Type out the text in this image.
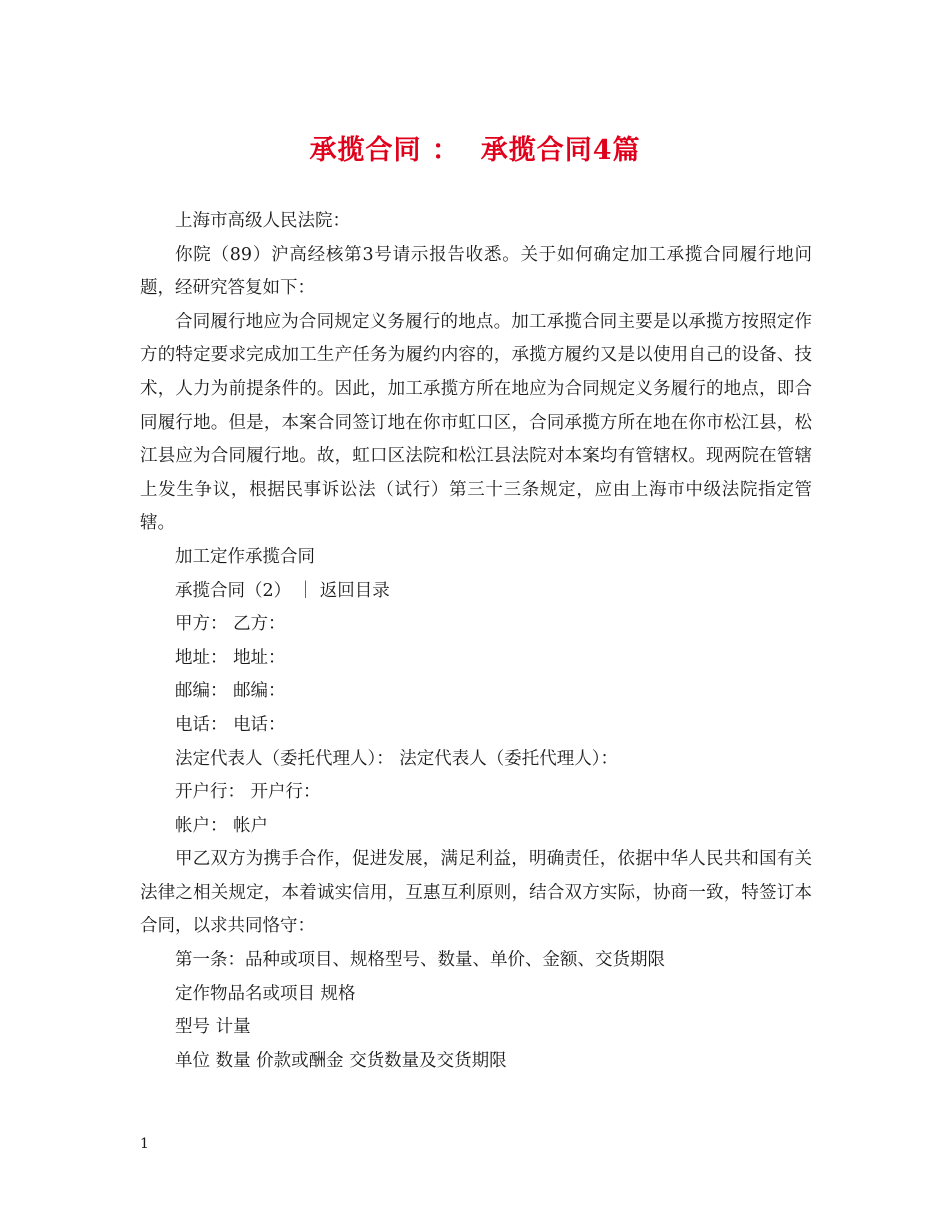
承揽合同 ：  承揽合同4篇

上海市高级人民法院：

你院（89）沪高经核第3号请示报告收悉。关于如何确定加工承揽合同履行地问题，经研究答复如下：

合同履行地应为合同规定义务履行的地点。加工承揽合同主要是以承揽方按照定作方的特定要求完成加工生产任务为履约内容的，承揽方履约又是以使用自己的设备、技术，人力为前提条件的。因此，加工承揽方所在地应为合同规定义务履行的地点，即合同履行地。但是，本案合同签订地在你市虹口区，合同承揽方所在地在你市松江县，松江县应为合同履行地。故，虹口区法院和松江县法院对本案均有管辖权。现两院在管辖上发生争议，根据民事诉讼法（试行）第三十三条规定，应由上海市中级法院指定管辖。

加工定作承揽合同

承揽合同（2） ｜ 返回目录

甲方： 乙方：

地址： 地址：

邮编： 邮编：

电话： 电话：

法定代表人（委托代理人）： 法定代表人（委托代理人）：

开户行： 开户行：

帐户： 帐户

甲乙双方为携手合作，促进发展，满足利益，明确责任，依据中华人民共和国有关法律之相关规定，本着诚实信用，互惠互利原则，结合双方实际，协商一致，特签订本合同，以求共同恪守：

第一条：品种或项目、规格型号、数量、单价、金额、交货期限

定作物品名或项目 规格

型号 计量

单位 数量 价款或酬金 交货数量及交货期限

1
